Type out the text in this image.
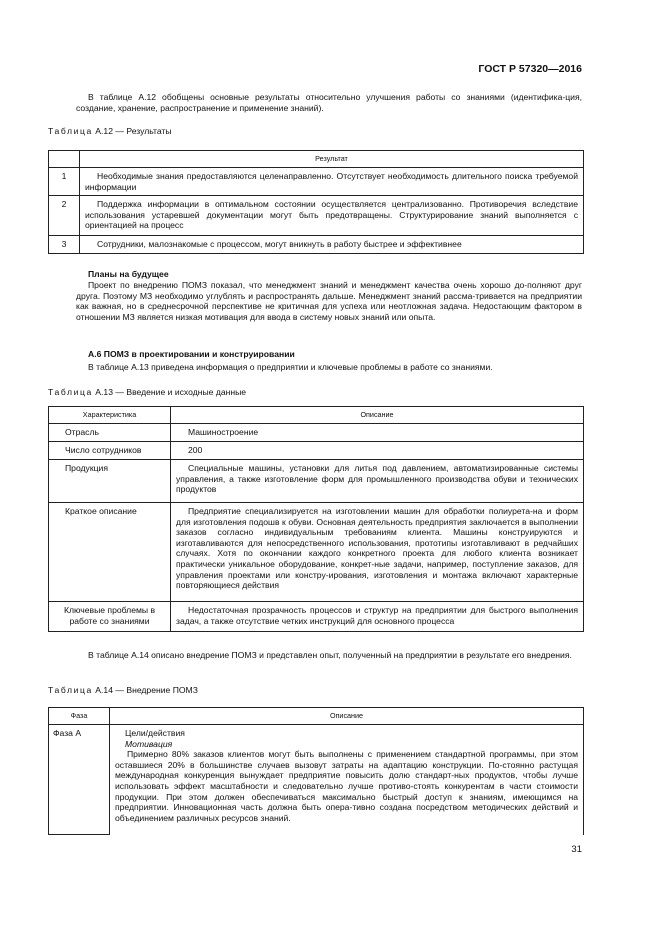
ГОСТ Р 57320—2016
В таблице А.12 обобщены основные результаты относительно улучшения работы со знаниями (идентифика-ция, создание, хранение, распространение и применение знаний).
Таблица А.12 — Результаты
	Результат
1	Необходимые знания предоставляются целенаправленно. Отсутствует необходимость длительного поиска требуемой информации

2	Поддержка информации в оптимальном состоянии осуществляется централизованно. Противоречия вследствие использования устаревшей документации могут быть предотвращены. Структурирование знаний выполняется с ориентацией на процесс

3	Сотрудники, малознакомые с процессом, могут вникнуть в работу быстрее и эффективнее
Планы на будущее
Проект по внедрению ПОМЗ показал, что менеджмент знаний и менеджмент качества очень хорошо до-полняют друг друга. Поэтому МЗ необходимо углублять и распространять дальше. Менеджмент знаний рассма-тривается на предприятии как важная, но в среднесрочной перспективе не критичная для успеха или неотложная задача. Недостающим фактором в отношении МЗ является низкая мотивация для ввода в систему новых знаний или опыта.
А.6 ПОМЗ в проектировании и конструировании
В таблице А.13 приведена информация о предприятии и ключевые проблемы в работе со знаниями.
Таблица А.13 — Введение и исходные данные
Характеристика	Описание
Отрасль	Машиностроение

Число сотрудников	200

Продукция	Специальные машины, установки для литья под давлением, автоматизированные системы управления, а также изготовление форм для промышленного производства обуви и технических продуктов

Краткое описание	Предприятие специализируется на изготовлении машин для обработки полиурета-на и форм для изготовления подошв к обуви. Основная деятельность предприятия заключается в выполнении заказов согласно индивидуальным требованиям клиента. Машины конструируются и изготавливаются для непосредственного использования, прототипы изготавливают в редчайших случаях. Хотя по окончании каждого конкретного проекта для любого клиента возникает практически уникальное оборудование, конкрет-ные задачи, например, поступление заказов, для управления проектами или констру-ирования, изготовления и монтажа включают характерные повторяющиеся действия

Ключевые проблемы в работе со знаниями	Недостаточная прозрачность процессов и структур на предприятии для быстрого выполнения задач, а также отсутствие четких инструкций для основного процесса
В таблице А.14 описано внедрение ПОМЗ и представлен опыт, полученный на предприятии в результате его внедрения.
Таблица А.14 — Внедрение ПОМЗ
Фаза	Описание
Фаза А	Цели/действия
Мотивация
Примерно 80% заказов клиентов могут быть выполнены с применением стандартной программы, при этом оставшиеся 20% в большинстве случаев вызовут затраты на адаптацию конструкции. По-стоянно растущая международная конкуренция вынуждает предприятие повысить долю стандарт-ных продуктов, чтобы лучше использовать эффект масштабности и следовательно лучше противо-стоять конкурентам в части стоимости продукции. При этом должен обеспечиваться максимально быстрый доступ к знаниям, имеющимся на предприятии. Инновационная часть должна быть опера-тивно создана посредством методических действий и объединением различных ресурсов знаний.
31
